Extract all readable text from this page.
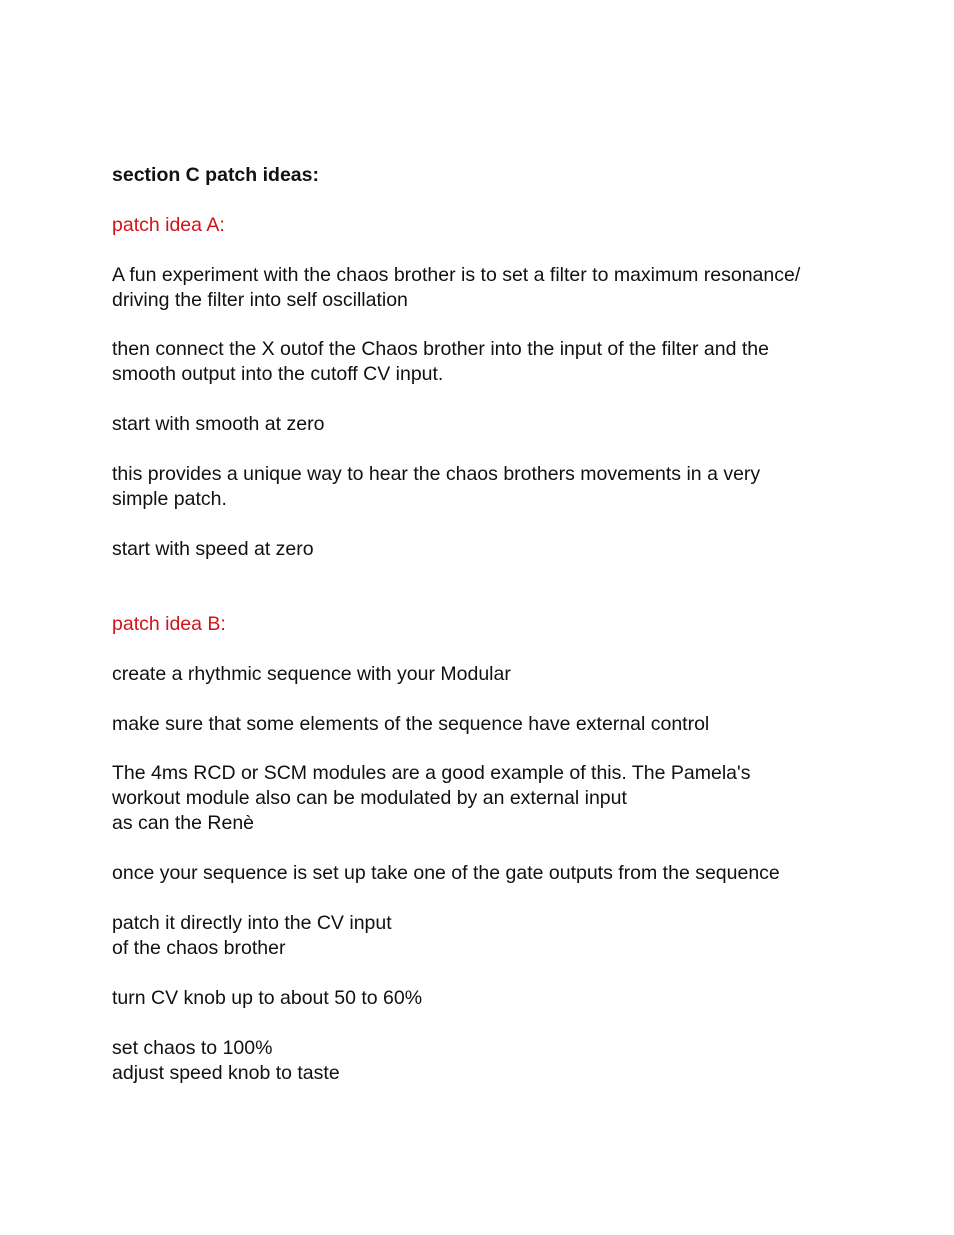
section C patch ideas:

patch idea A:

A fun experiment with the chaos brother is to set a filter to maximum resonance/
driving the filter into self oscillation

then connect the X outof the Chaos brother into the input of the filter and the
smooth output into the cutoff CV input.

start with smooth at zero

this provides a unique way to hear the chaos brothers movements in a very
simple patch.

start with speed at zero

patch idea B:

create a rhythmic sequence with your Modular

make sure that some elements of the sequence have external control

The 4ms RCD or SCM modules are a good example of this. The Pamela's
workout module also can be modulated by an external input
as can the Renè

once your sequence is set up take one of the gate outputs from the sequence

patch it directly into the CV input
of the chaos brother

turn CV knob up to about 50 to 60%

set chaos to 100%
adjust speed knob to taste
